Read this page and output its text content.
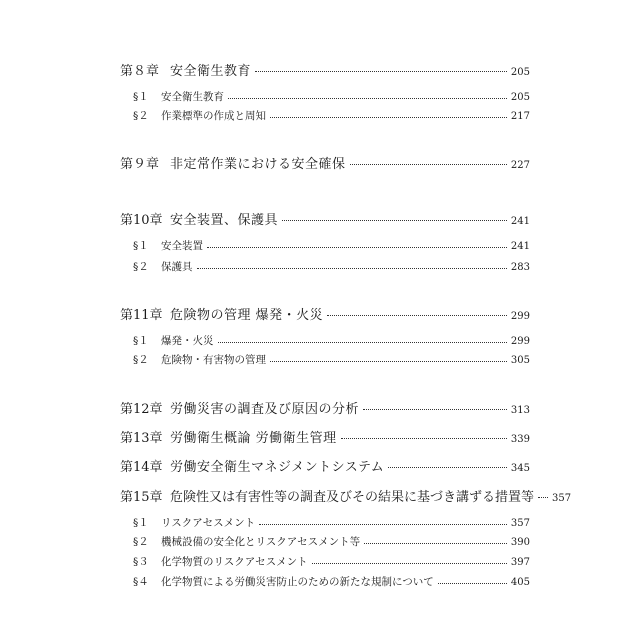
第８章 安全衛生教育	205
§１	安全衛生教育	205
§２	作業標準の作成と周知	217
第９章 非定常作業における安全確保	227
第10章 安全装置、保護具	241
§１	安全装置	241
§２	保護具	283
第11章 危険物の管理 爆発・火災	299
§１	爆発・火災	299
§２	危険物・有害物の管理	305
第12章 労働災害の調査及び原因の分析	313
第13章 労働衛生概論 労働衛生管理	339
第14章 労働安全衛生マネジメントシステム	345
第15章 危険性又は有害性等の調査及びその結果に基づき講ずる措置等 357
§１	リスクアセスメント	357
§２	機械設備の安全化とリスクアセスメント等	390
§３	化学物質のリスクアセスメント	397
§４	化学物質による労働災害防止のための新たな規制について	405
